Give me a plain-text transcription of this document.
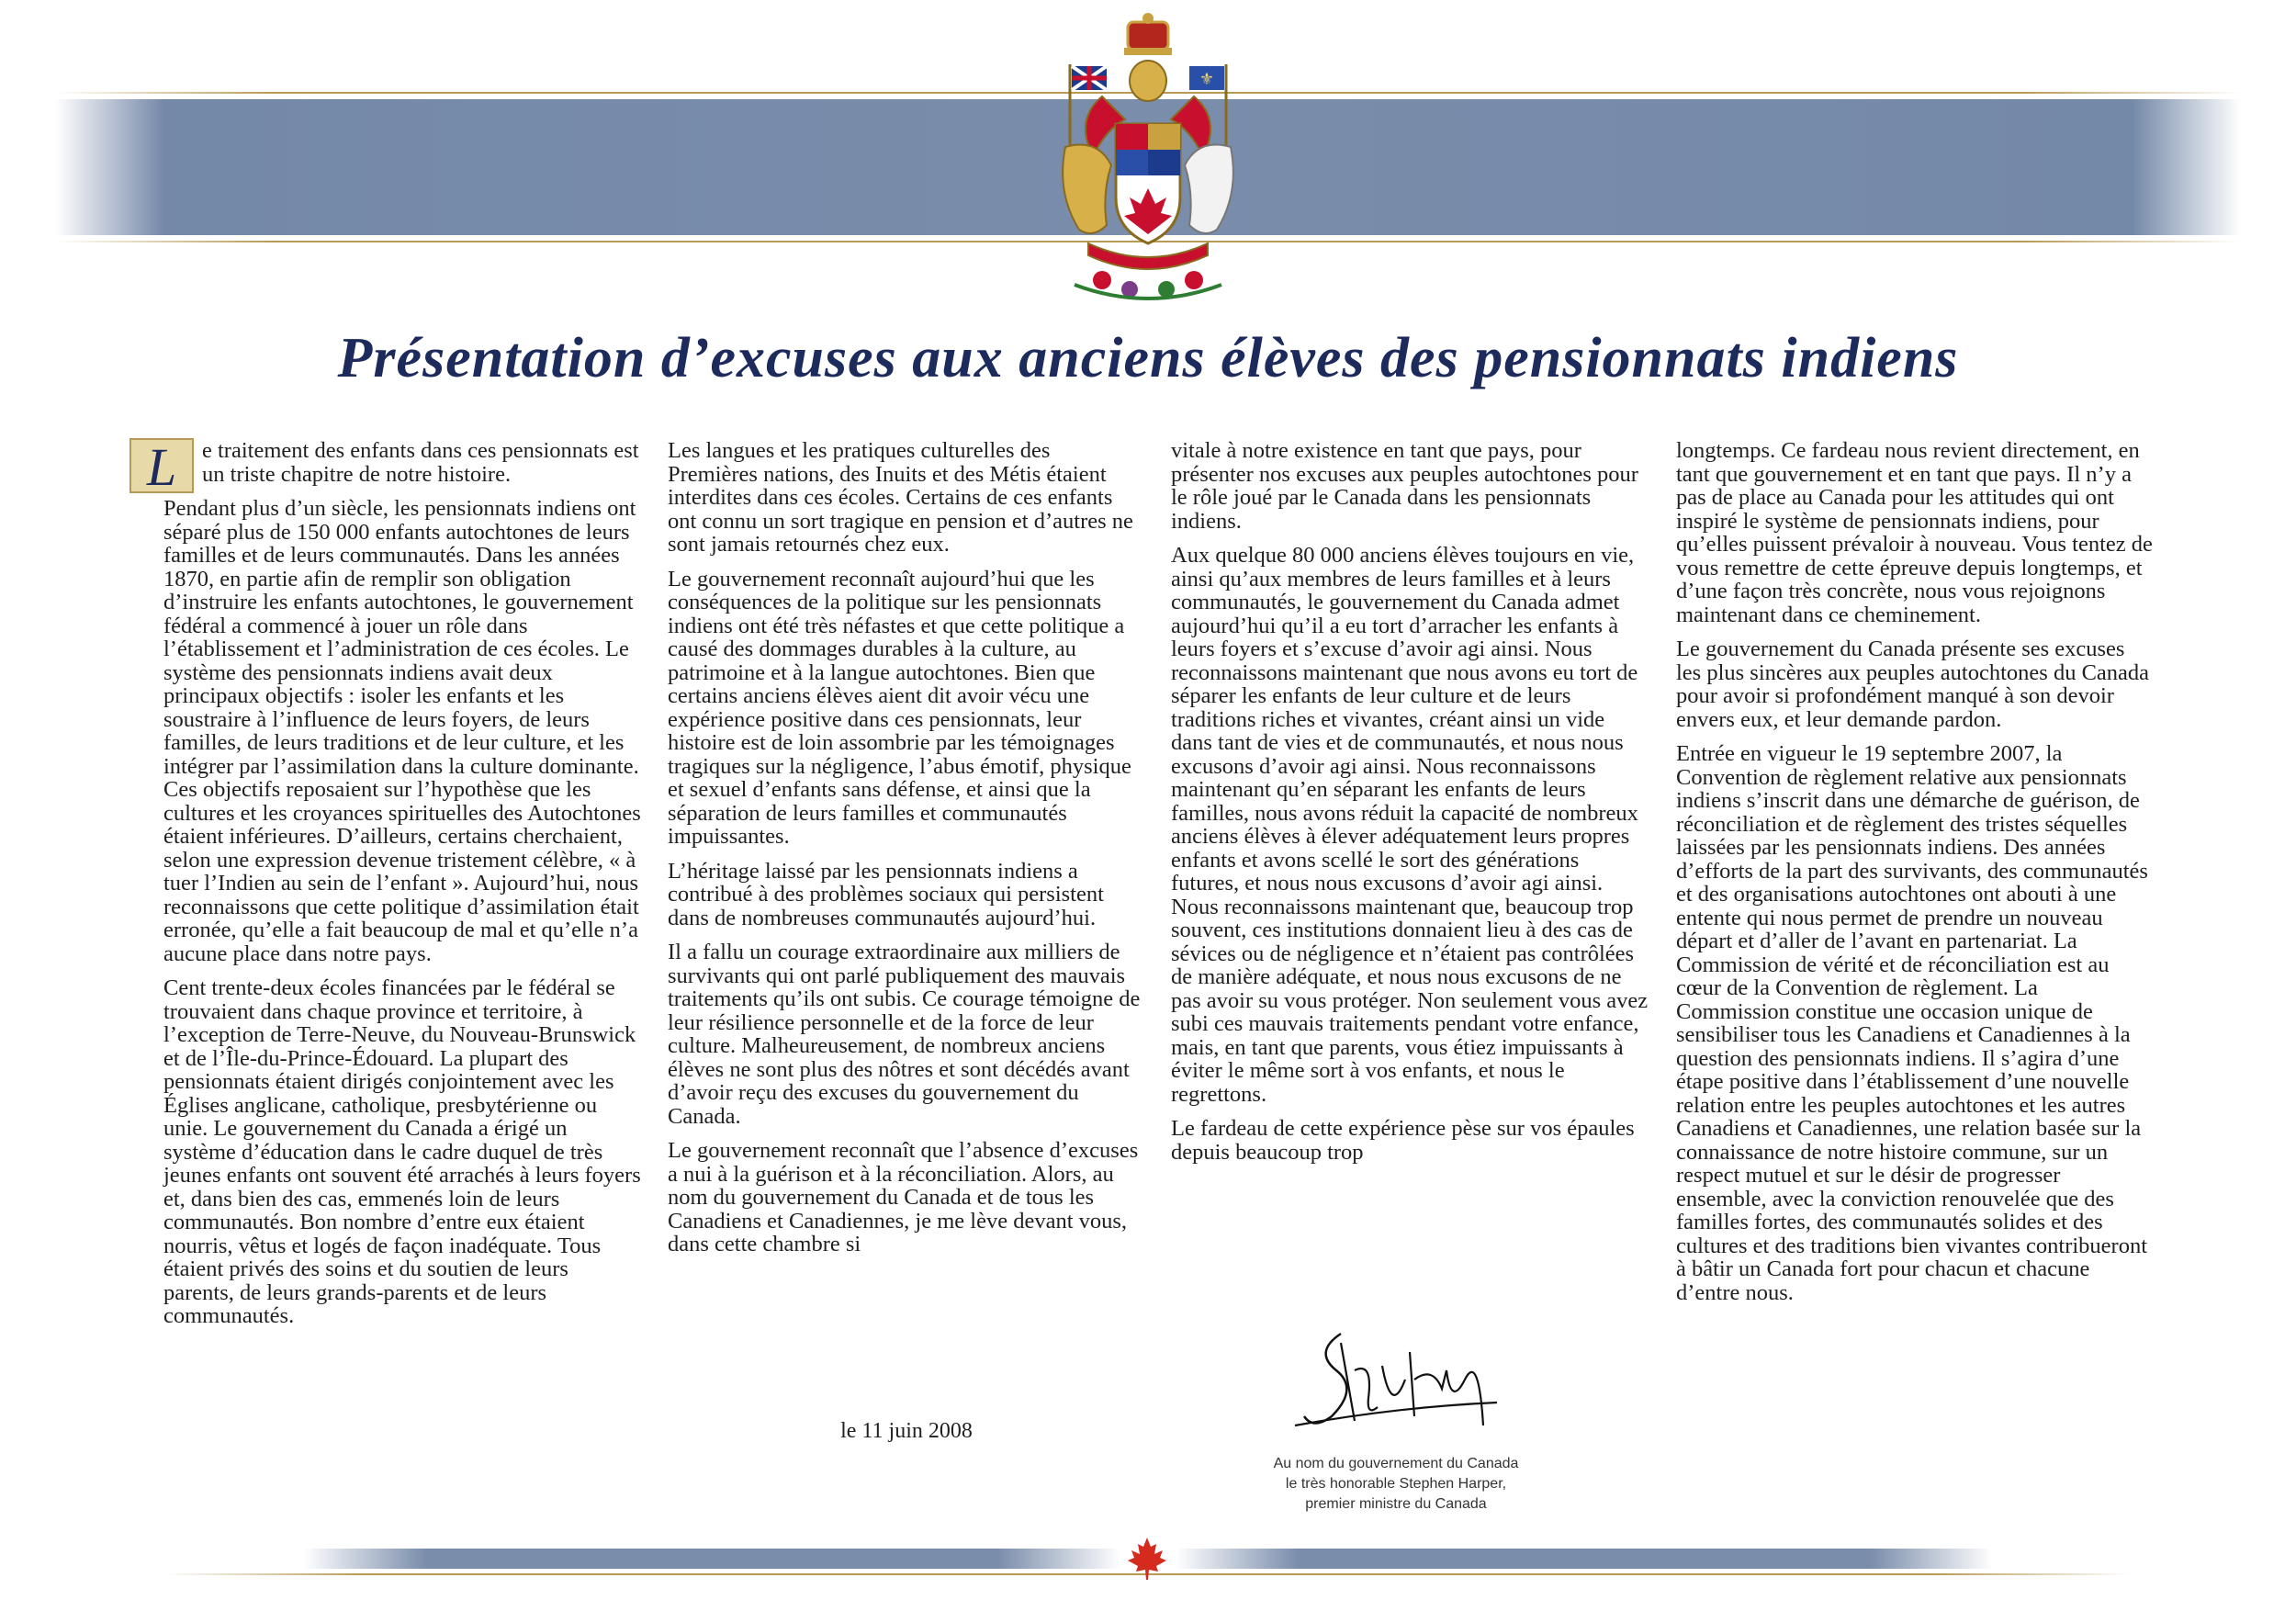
⚜
Présentation d’excuses aux anciens élèves des pensionnats indiens

L e traitement des enfants dans ces pensionnats est un triste chapitre de notre histoire.

Pendant plus d’un siècle, les pensionnats indiens ont séparé plus de 150 000 enfants autochtones de leurs familles et de leurs communautés. Dans les années 1870, en partie afin de remplir son obligation d’instruire les enfants autochtones, le gouvernement fédéral a commencé à jouer un rôle dans l’établissement et l’administration de ces écoles. Le système des pensionnats indiens avait deux principaux objectifs : isoler les enfants et les soustraire à l’influence de leurs foyers, de leurs familles, de leurs traditions et de leur culture, et les intégrer par l’assimilation dans la culture dominante. Ces objectifs reposaient sur l’hypothèse que les cultures et les croyances spirituelles des Autochtones étaient inférieures. D’ailleurs, certains cherchaient, selon une expression devenue tristement célèbre, « à tuer l’Indien au sein de l’enfant ». Aujourd’hui, nous reconnaissons que cette politique d’assimilation était erronée, qu’elle a fait beaucoup de mal et qu’elle n’a aucune place dans notre pays.

Cent trente-deux écoles financées par le fédéral se trouvaient dans chaque province et territoire, à l’exception de Terre-Neuve, du Nouveau-Brunswick et de l’Île-du-Prince-Édouard. La plupart des pensionnats étaient dirigés conjointement avec les Églises anglicane, catholique, presbytérienne ou unie. Le gouvernement du Canada a érigé un système d’éducation dans le cadre duquel de très jeunes enfants ont souvent été arrachés à leurs foyers et, dans bien des cas, emmenés loin de leurs communautés. Bon nombre d’entre eux étaient nourris, vêtus et logés de façon inadéquate. Tous étaient privés des soins et du soutien de leurs parents, de leurs grands-parents et de leurs communautés.

Les langues et les pratiques culturelles des Premières nations, des Inuits et des Métis étaient interdites dans ces écoles. Certains de ces enfants ont connu un sort tragique en pension et d’autres ne sont jamais retournés chez eux.

Le gouvernement reconnaît aujourd’hui que les conséquences de la politique sur les pensionnats indiens ont été très néfastes et que cette politique a causé des dommages durables à la culture, au patrimoine et à la langue autochtones. Bien que certains anciens élèves aient dit avoir vécu une expérience positive dans ces pensionnats, leur histoire est de loin assombrie par les témoignages tragiques sur la négligence, l’abus émotif, physique et sexuel d’enfants sans défense, et ainsi que la séparation de leurs familles et communautés impuissantes.

L’héritage laissé par les pensionnats indiens a contribué à des problèmes sociaux qui persistent dans de nombreuses communautés aujourd’hui.

Il a fallu un courage extraordinaire aux milliers de survivants qui ont parlé publiquement des mauvais traitements qu’ils ont subis. Ce courage témoigne de leur résilience personnelle et de la force de leur culture. Malheureusement, de nombreux anciens élèves ne sont plus des nôtres et sont décédés avant d’avoir reçu des excuses du gouvernement du Canada.

Le gouvernement reconnaît que l’absence d’excuses a nui à la guérison et à la réconciliation. Alors, au nom du gouvernement du Canada et de tous les Canadiens et Canadiennes, je me lève devant vous, dans cette chambre si

le 11 juin 2008

vitale à notre existence en tant que pays, pour présenter nos excuses aux peuples autochtones pour le rôle joué par le Canada dans les pensionnats indiens.

Aux quelque 80 000 anciens élèves toujours en vie, ainsi qu’aux membres de leurs familles et à leurs communautés, le gouvernement du Canada admet aujourd’hui qu’il a eu tort d’arracher les enfants à leurs foyers et s’excuse d’avoir agi ainsi. Nous reconnaissons maintenant que nous avons eu tort de séparer les enfants de leur culture et de leurs traditions riches et vivantes, créant ainsi un vide dans tant de vies et de communautés, et nous nous excusons d’avoir agi ainsi. Nous reconnaissons maintenant qu’en séparant les enfants de leurs familles, nous avons réduit la capacité de nombreux anciens élèves à élever adéquatement leurs propres enfants et avons scellé le sort des générations futures, et nous nous excusons d’avoir agi ainsi. Nous reconnaissons maintenant que, beaucoup trop souvent, ces institutions donnaient lieu à des cas de sévices ou de négligence et n’étaient pas contrôlées de manière adéquate, et nous nous excusons de ne pas avoir su vous protéger. Non seulement vous avez subi ces mauvais traitements pendant votre enfance, mais, en tant que parents, vous étiez impuissants à éviter le même sort à vos enfants, et nous le regrettons.

Le fardeau de cette expérience pèse sur vos épaules depuis beaucoup trop

Au nom du gouvernement du Canada
le très honorable Stephen Harper,
premier ministre du Canada

longtemps. Ce fardeau nous revient directement, en tant que gouvernement et en tant que pays. Il n’y a pas de place au Canada pour les attitudes qui ont inspiré le système de pensionnats indiens, pour qu’elles puissent prévaloir à nouveau. Vous tentez de vous remettre de cette épreuve depuis longtemps, et d’une façon très concrète, nous vous rejoignons maintenant dans ce cheminement.

Le gouvernement du Canada présente ses excuses les plus sincères aux peuples autochtones du Canada pour avoir si profondément manqué à son devoir envers eux, et leur demande pardon.

Entrée en vigueur le 19 septembre 2007, la Convention de règlement relative aux pensionnats indiens s’inscrit dans une démarche de guérison, de réconciliation et de règlement des tristes séquelles laissées par les pensionnats indiens. Des années d’efforts de la part des survivants, des communautés et des organisations autochtones ont abouti à une entente qui nous permet de prendre un nouveau départ et d’aller de l’avant en partenariat. La Commission de vérité et de réconciliation est au cœur de la Convention de règlement. La Commission constitue une occasion unique de sensibiliser tous les Canadiens et Canadiennes à la question des pensionnats indiens. Il s’agira d’une étape positive dans l’établissement d’une nouvelle relation entre les peuples autochtones et les autres Canadiens et Canadiennes, une relation basée sur la connaissance de notre histoire commune, sur un respect mutuel et sur le désir de progresser ensemble, avec la conviction renouvelée que des familles fortes, des communautés solides et des cultures et des traditions bien vivantes contribueront à bâtir un Canada fort pour chacun et chacune d’entre nous.
